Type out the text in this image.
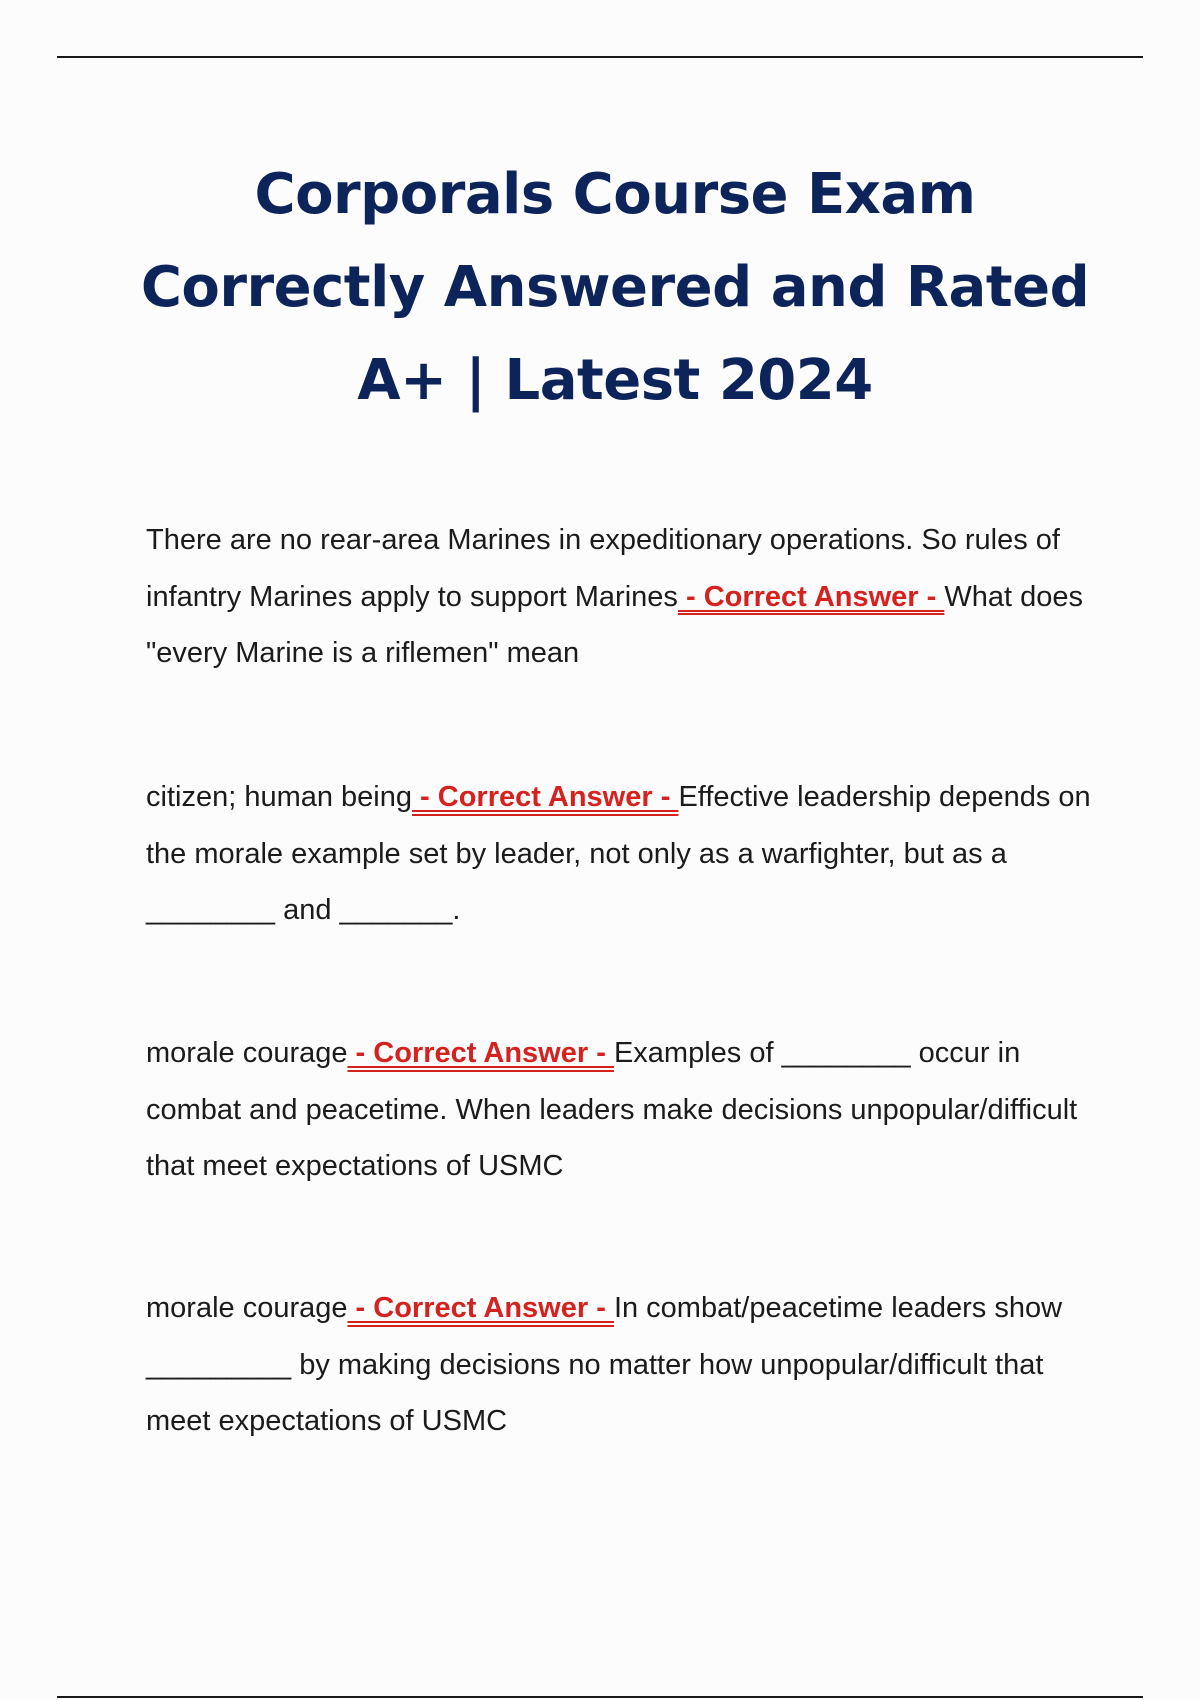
Corporals Course Exam
Correctly Answered and Rated
A+ | Latest 2024

There are no rear-area Marines in expeditionary operations. So rules of infantry Marines apply to support Marines - Correct Answer - What does "every Marine is a riflemen" mean

citizen; human being - Correct Answer - Effective leadership depends on the morale example set by leader, not only as a warfighter, but as a ________ and _______.

morale courage - Correct Answer - Examples of ________ occur in combat and peacetime. When leaders make decisions unpopular/difficult that meet expectations of USMC

morale courage - Correct Answer - In combat/peacetime leaders show _________ by making decisions no matter how unpopular/difficult that meet expectations of USMC
